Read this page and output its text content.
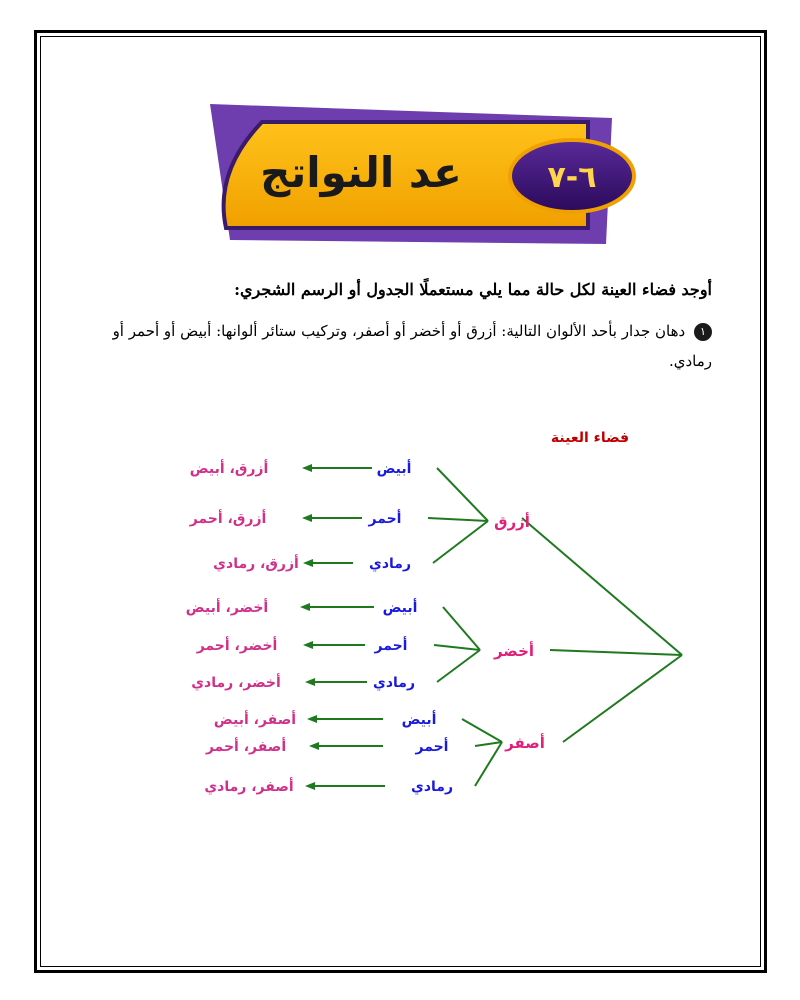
عد النواتج	٦-٧
أوجد فضاء العينة لكل حالة مما يلي مستعملًا الجدول أو الرسم الشجري:
١ دهان جدار بأحد الألوان التالية: أزرق أو أخضر أو أصفر، وتركيب ستائر ألوانها: أبيض أو أحمر أو رمادي.
فضاء العينة
أزرق
أبيض
أزرق، أبيض
أحمر
أزرق، أحمر
رمادي
أزرق، رمادي
أخضر
أبيض
أخضر، أبيض
أحمر
أخضر، أحمر
رمادي
أخضر، رمادي
أصفر
أبيض
أصفر، أبيض
أحمر
أصفر، أحمر
رمادي
أصفر، رمادي
